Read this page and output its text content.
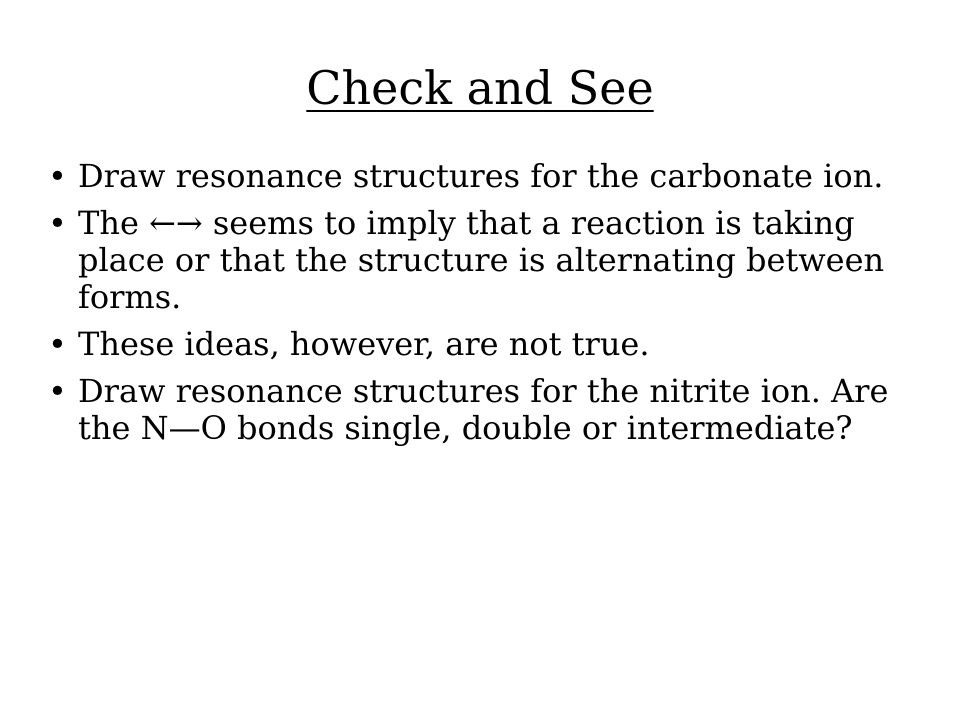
Check and See
• Draw resonance structures for the carbonate ion.
• The ←→ seems to imply that a reaction is taking place or that the structure is alternating between forms.
• These ideas, however, are not true.
• Draw resonance structures for the nitrite ion. Are the N—O bonds single, double or intermediate?
